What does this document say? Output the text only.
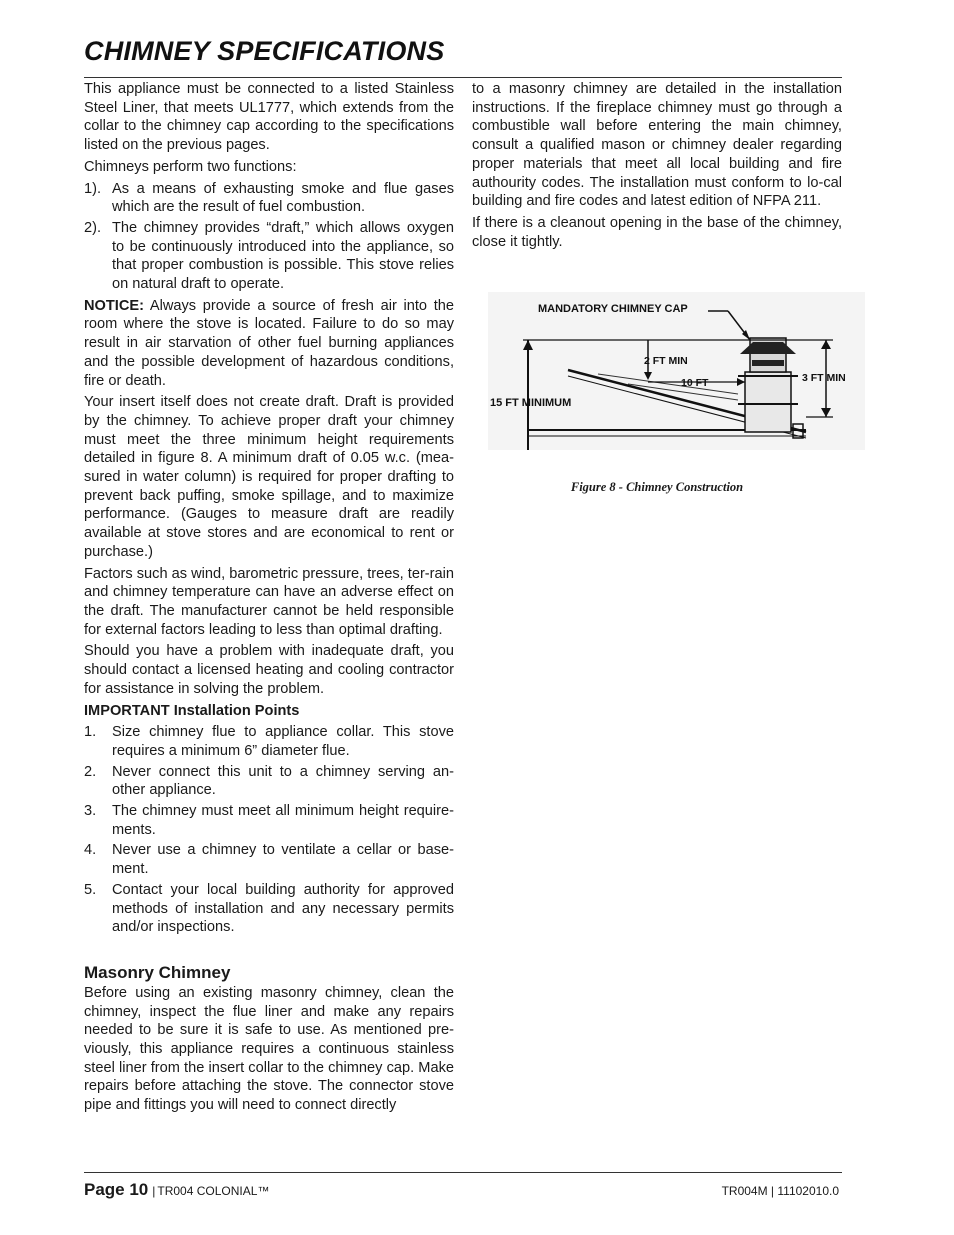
CHIMNEY SPECIFICATIONS

This appliance must be connected to a listed Stainless Steel Liner, that meets UL1777, which extends from the collar to the chimney cap according to the specifications listed on the previous pages.

Chimneys perform two functions:

1). As a means of exhausting smoke and flue gases which are the result of fuel combustion.
2). The chimney provides “draft,” which allows oxygen to be continuously introduced into the appliance, so that proper combustion is possible. This stove relies on natural draft to operate.

NOTICE: Always provide a source of fresh air into the room where the stove is located. Failure to do so may result in air starvation of other fuel burning appliances and the possible development of hazardous conditions, fire or death.

Your insert itself does not create draft. Draft is provided by the chimney. To achieve proper draft your chimney must meet the three minimum height requirements detailed in figure 8. A minimum draft of 0.05 w.c. (mea-sured in water column) is required for proper drafting to prevent back puffing, smoke spillage, and to maximize performance. (Gauges to measure draft are readily available at stove stores and are economical to rent or purchase.)

Factors such as wind, barometric pressure, trees, ter-rain and chimney temperature can have an adverse effect on the draft. The manufacturer cannot be held responsible for external factors leading to less than optimal drafting.

Should you have a problem with inadequate draft, you should contact a licensed heating and cooling contractor for assistance in solving the problem.

IMPORTANT Installation Points

1. Size chimney flue to appliance collar. This stove requires a minimum 6” diameter flue.
2. Never connect this unit to a chimney serving an-other appliance.
3. The chimney must meet all minimum height require-ments.
4. Never use a chimney to ventilate a cellar or base-ment.
5. Contact your local building authority for approved methods of installation and any necessary permits and/or inspections.
Masonry Chimney

Before using an existing masonry chimney, clean the chimney, inspect the flue liner and make any repairs needed to be sure it is safe to use. As mentioned pre-viously, this appliance requires a continuous stainless steel liner from the insert collar to the chimney cap. Make repairs before attaching the stove. The connector stove pipe and fittings you will need to connect directly

to a masonry chimney are detailed in the installation instructions. If the fireplace chimney must go through a combustible wall before entering the main chimney, consult a qualified mason or chimney dealer regarding proper materials that meet all local building and fire authourity codes. The installation must conform to lo-cal building and fire codes and latest edition of NFPA 211.

If there is a cleanout opening in the base of the chimney, close it tightly.

MANDATORY CHIMNEY CAP
2 FT MIN
10 FT	3 FT MIN
15 FT MINIMUM
Figure 8 - Chimney Construction
Page 10 | TR004 COLONIAL™	TR004M | 11102010.0
